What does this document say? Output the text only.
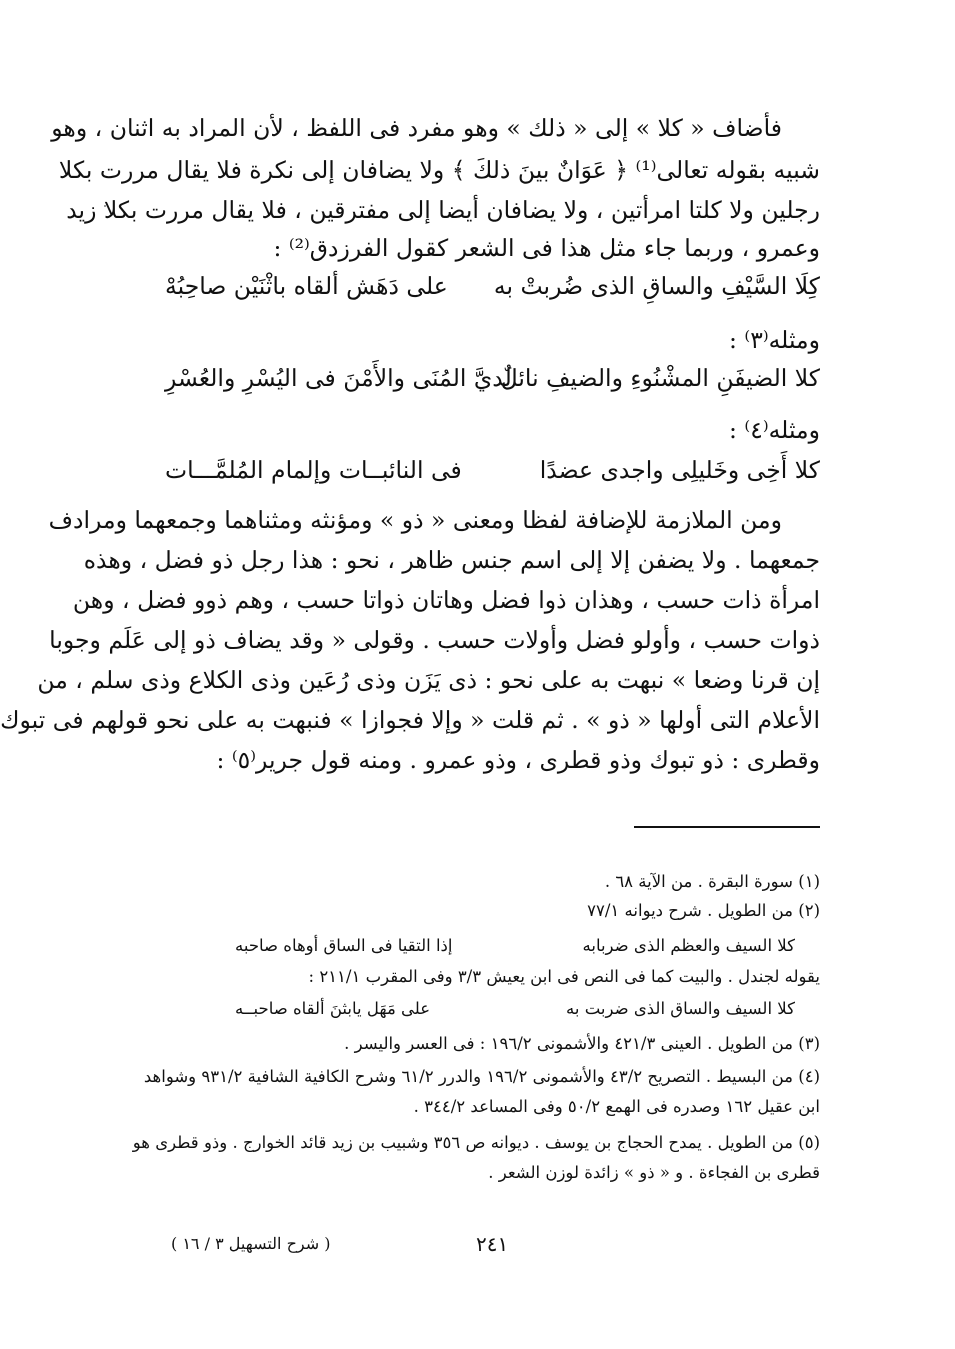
فأضاف « كلا » إلى « ذلك » وهو مفرد فى اللفظ ، لأن المراد به اثنان ، وهو
شبيه بقوله تعالى⁽¹⁾ ﴿ عَوَانٌ بينَ ذلكَ ﴾ ولا يضافان إلى نكرة فلا يقال مررت بكلا
رجلين ولا كلتا امرأتين ، ولا يضافان أيضا إلى مفترقين ، فلا يقال مررت بكلا زيد
وعمرو ، وربما جاء مثل هذا فى الشعر كقول الفرزدق⁽²⁾ :
كِلَا السَّيْفِ والساقِ الذى ضُربتْ به
على دَهَش ألقاه باثْنَيْن صاحِبُهْ
ومثله⁽٣⁾ :
كلا الضيفَنِ المشْنُوءِ والضيفِ نائلٌ
لديَّ المُنَى والأَمْنَ فى اليُسْرِ والعُسْرِ
ومثله⁽٤⁾ :
كلا أَخِى وخَليلِى واجدى عضدًا
فى النائبــات وإلمام المُلمَّـــات
ومن الملازمة للإضافة لفظا ومعنى « ذو » ومؤنثه ومثناهما وجمعهما ومرادف
جمعهما . ولا يضفن إلا إلى اسم جنس ظاهر ، نحو : هذا رجل ذو فضل ، وهذه
امرأة ذات حسب ، وهذان ذوا فضل وهاتان ذواتا حسب ، وهم ذوو فضل ، وهن
ذوات حسب ، وأولو فضل وأولات حسب . وقولى « وقد يضاف ذو إلى عَلَم وجوبا
إن قرنا وضعا » نبهت به على نحو : ذى يَزَن وذى رُعَين وذى الكلاع وذى سلم ، من
الأعلام التى أولها « ذو » . ثم قلت « وإلا فجوازا » فنبهت به على نحو قولهم فى تبوك
وقطرى : ذو تبوك وذو قطرى ، وذو عمرو . ومنه قول جرير⁽٥⁾ :
(١) سورة البقرة . من الآية ٦٨ .
(٢) من الطويل . شرح ديوانه ٧٧/١
كلا السيف والعظم الذى ضربابه
إذا التقيا فى الساق أوهاه صاحبه
يقوله لجندل . والبيت كما فى النص فى ابن يعيش ٣/٣ وفى المقرب ٢١١/١ :
كلا السيف والساق الذى ضربت به
على مَهَل يابثنَ ألقاه صاحبــه
(٣) من الطويل . العينى ٤٢١/٣ والأشمونى ١٩٦/٢ : فى العسر واليسر .
(٤) من البسيط . التصريح ٤٣/٢ والأشمونى ١٩٦/٢ والدرر ٦١/٢ وشرح الكافية الشافية ٩٣١/٢ وشواهد
ابن عقيل ١٦٢ وصدره فى الهمع ٥٠/٢ وفى المساعد ٣٤٤/٢ .
(٥) من الطويل . يمدح الحجاج بن يوسف . ديوانه ص ٣٥٦ وشبيب بن زيد قائد الخوارج . وذو قطرى هو
قطرى بن الفجاءة . و « ذو » زائدة لوزن الشعر .
٢٤١
( شرح التسهيل ٣ / ١٦ )
